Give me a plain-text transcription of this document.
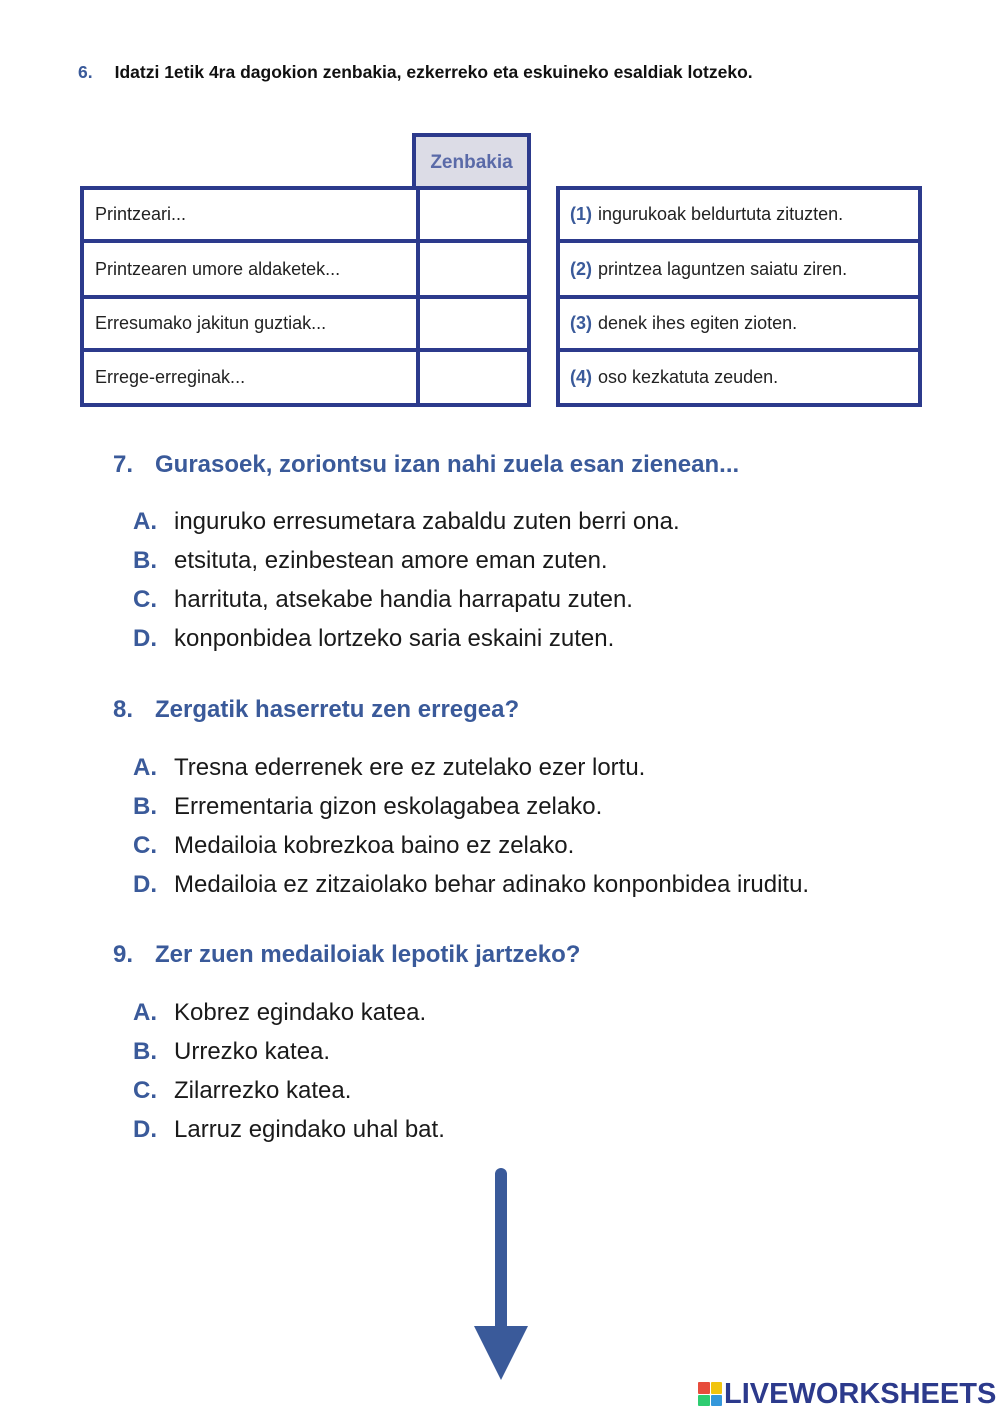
6. Idatzi 1etik 4ra dagokion zenbakia, ezkerreko eta eskuineko esaldiak lotzeko.
Zenbakia
Printzeari...
Printzearen umore aldaketek...
Erresumako jakitun guztiak...
Errege-erreginak...
(1) ingurukoak beldurtuta zituzten.
(2) printzea laguntzen saiatu ziren.
(3) denek ihes egiten zioten.
(4) oso kezkatuta zeuden.
7. Gurasoek, zoriontsu izan nahi zuela esan zienean...
A. inguruko erresumetara zabaldu zuten berri ona.
B. etsituta, ezinbestean amore eman zuten.
C. harrituta, atsekabe handia harrapatu zuten.
D. konponbidea lortzeko saria eskaini zuten.
8. Zergatik haserretu zen erregea?
A. Tresna ederrenek ere ez zutelako ezer lortu.
B. Errementaria gizon eskolagabea zelako.
C. Medailoia kobrezkoa baino ez zelako.
D. Medailoia ez zitzaiolako behar adinako konponbidea iruditu.
9. Zer zuen medailoiak lepotik jartzeko?
A. Kobrez egindako katea.
B. Urrezko katea.
C. Zilarrezko katea.
D. Larruz egindako uhal bat.
LIVEWORKSHEETS
